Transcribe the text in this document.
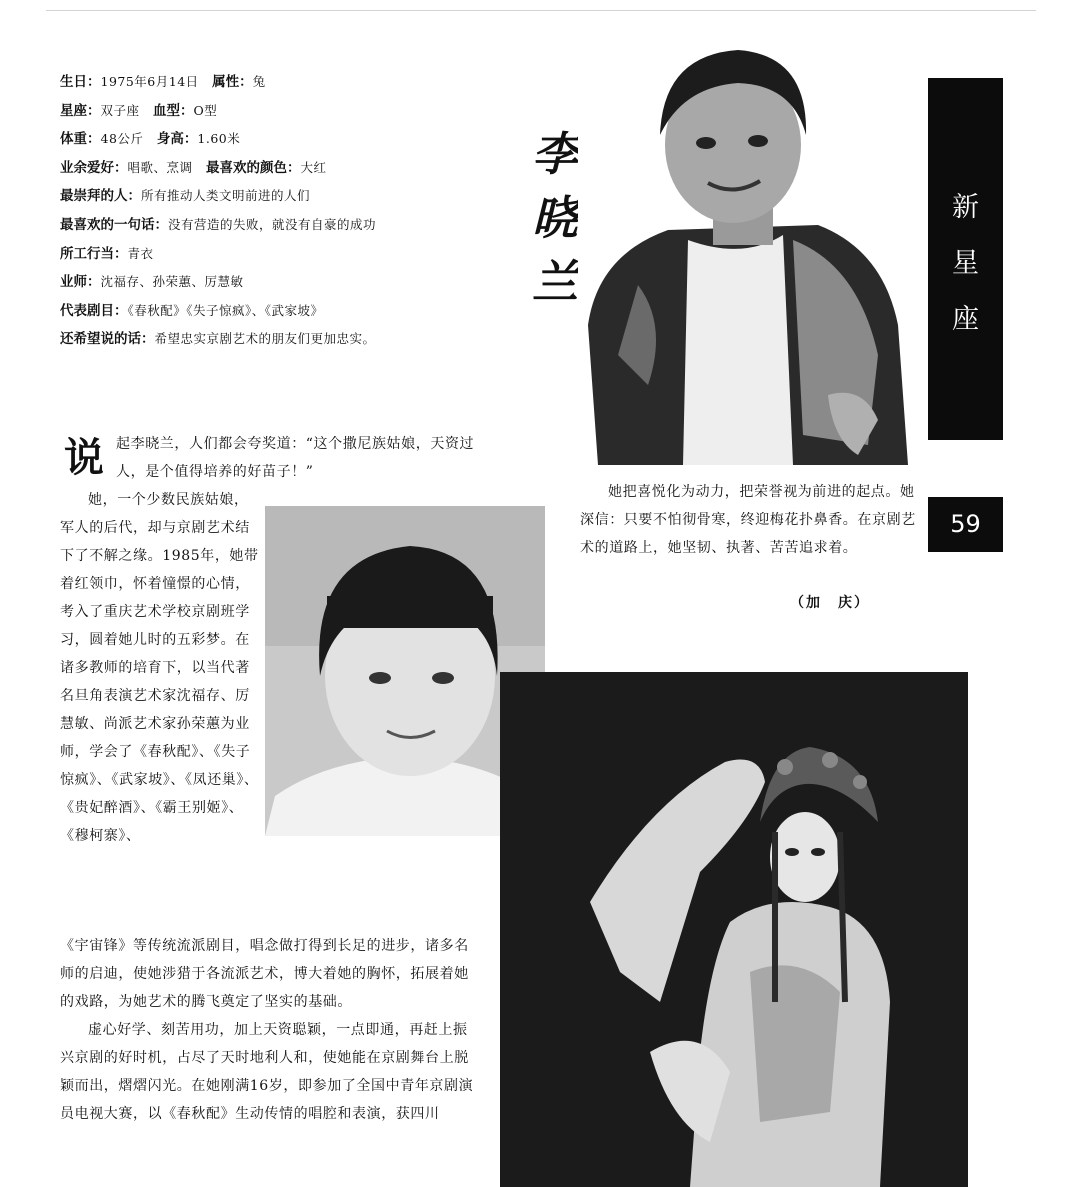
生日：1975年6月14日　 属性：兔
星座：双子座　 血型：O型
体重：48公斤　 身高：1.60米
业余爱好：唱歌、烹调　 最喜欢的颜色：大红
最崇拜的人：所有推动人类文明前进的人们
最喜欢的一句话：没有营造的失败，就没有自豪的成功
所工行当：青衣
业师：沈福存、孙荣蕙、厉慧敏
代表剧目：《春秋配》《失子惊疯》、《武家坡》
还希望说的话：希望忠实京剧艺术的朋友们更加忠实。
李
晓
兰
新
星
座
59
说 起李晓兰，人们都会夸奖道：“这个撒尼族姑娘，天资过人，是个值得培养的好苗子！”
她，一个少数民族姑娘，军人的后代，却与京剧艺术结下了不解之缘。1985年，她带着红领巾，怀着憧憬的心情，考入了重庆艺术学校京剧班学习，圆着她儿时的五彩梦。在诸多教师的培育下，以当代著名旦角表演艺术家沈福存、厉慧敏、尚派艺术家孙荣蕙为业师，学会了《春秋配》、《失子惊疯》、《武家坡》、《凤还巢》、《贵妃醉酒》、《霸王别姬》、《穆柯寨》、
《宇宙锋》等传统流派剧目，唱念做打得到长足的进步，诸多名师的启迪，使她涉猎于各流派艺术，博大着她的胸怀，拓展着她的戏路，为她艺术的腾飞奠定了坚实的基础。
虚心好学、刻苦用功，加上天资聪颖，一点即通，再赶上振兴京剧的好时机，占尽了天时地利人和，使她能在京剧舞台上脱颖而出，熠熠闪光。在她刚满16岁，即参加了全国中青年京剧演员电视大赛，以《春秋配》生动传情的唱腔和表演，获四川
她把喜悦化为动力，把荣誉视为前进的起点。她深信：只要不怕彻骨寒，终迎梅花扑鼻香。在京剧艺术的道路上，她坚韧、执著、苦苦追求着。
（加　庆）
